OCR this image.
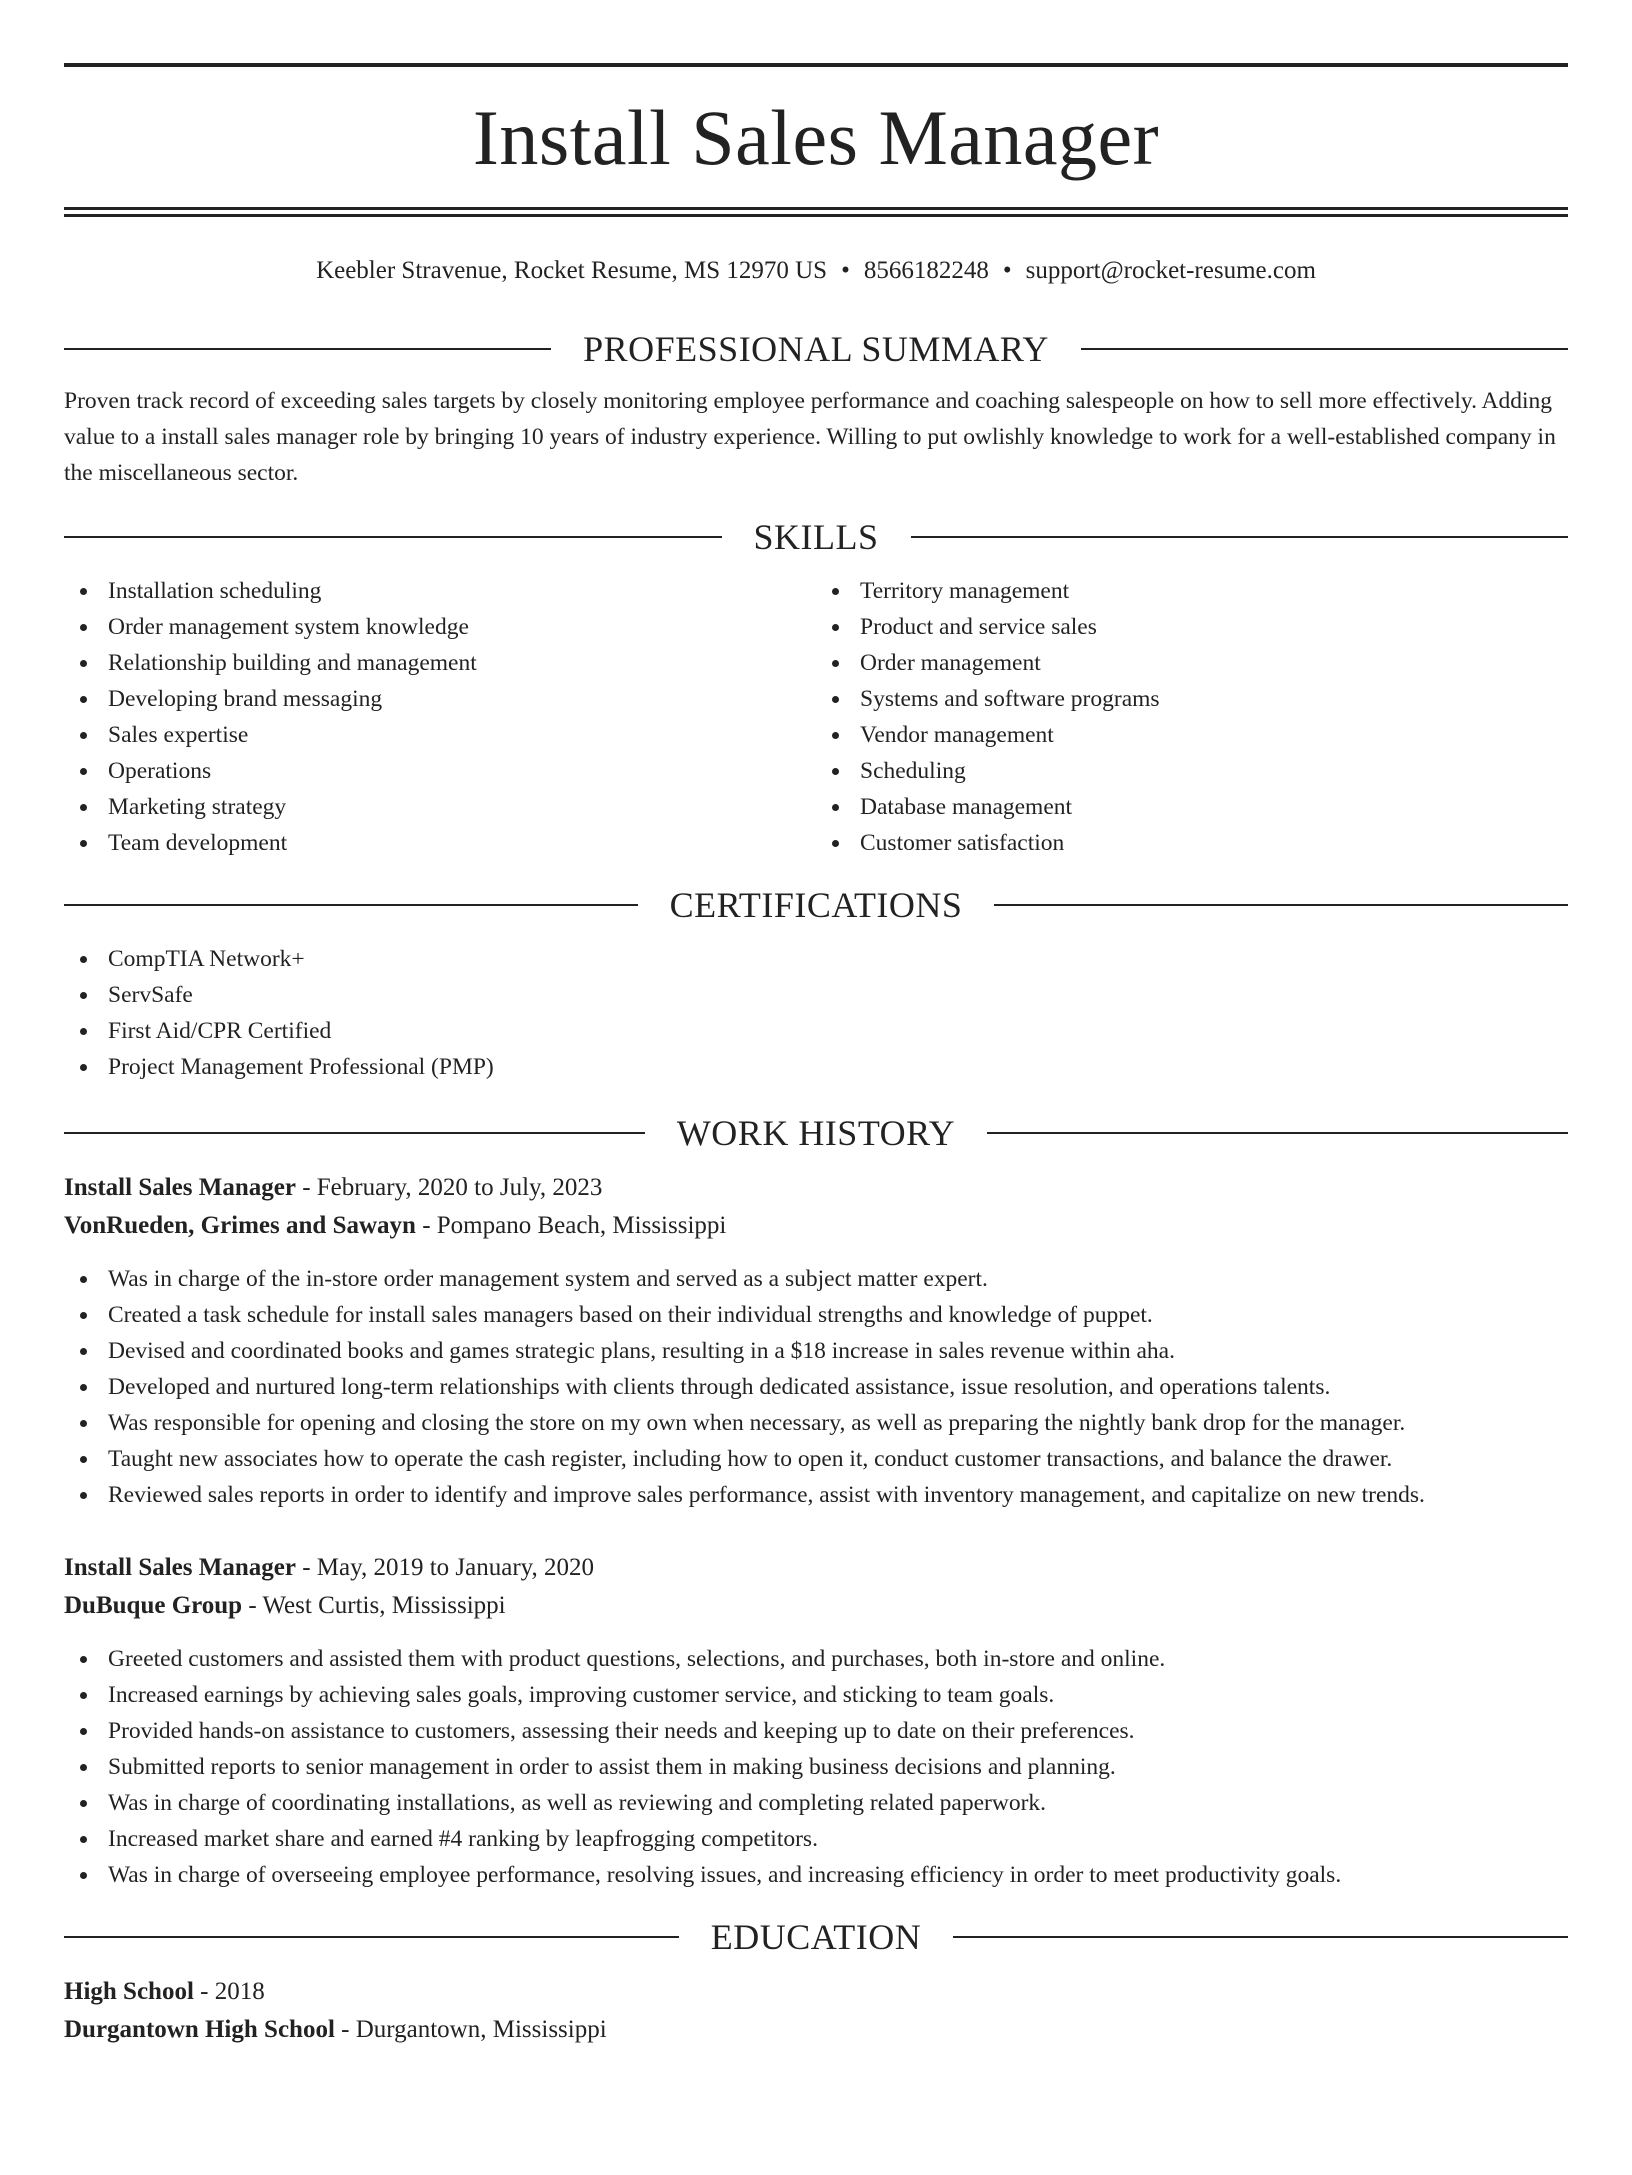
Install Sales Manager
Keebler Stravenue, Rocket Resume, MS 12970 US • 8566182248 • support@rocket-resume.com
PROFESSIONAL SUMMARY

Proven track record of exceeding sales targets by closely monitoring employee performance and coaching salespeople on how to sell more effectively. Adding value to a install sales manager role by bringing 10 years of industry experience. Willing to put owlishly knowledge to work for a well-established company in the miscellaneous sector.

SKILLS
Installation scheduling
Order management system knowledge
Relationship building and management
Developing brand messaging
Sales expertise
Operations
Marketing strategy
Team development
Territory management
Product and service sales
Order management
Systems and software programs
Vendor management
Scheduling
Database management
Customer satisfaction
CERTIFICATIONS
CompTIA Network+
ServSafe
First Aid/CPR Certified
Project Management Professional (PMP)
WORK HISTORY
Install Sales Manager - February, 2020 to July, 2023
VonRueden, Grimes and Sawayn - Pompano Beach, Mississippi
Was in charge of the in-store order management system and served as a subject matter expert.
Created a task schedule for install sales managers based on their individual strengths and knowledge of puppet.
Devised and coordinated books and games strategic plans, resulting in a $18 increase in sales revenue within aha.
Developed and nurtured long-term relationships with clients through dedicated assistance, issue resolution, and operations talents.
Was responsible for opening and closing the store on my own when necessary, as well as preparing the nightly bank drop for the manager.
Taught new associates how to operate the cash register, including how to open it, conduct customer transactions, and balance the drawer.
Reviewed sales reports in order to identify and improve sales performance, assist with inventory management, and capitalize on new trends.
Install Sales Manager - May, 2019 to January, 2020
DuBuque Group - West Curtis, Mississippi
Greeted customers and assisted them with product questions, selections, and purchases, both in-store and online.
Increased earnings by achieving sales goals, improving customer service, and sticking to team goals.
Provided hands-on assistance to customers, assessing their needs and keeping up to date on their preferences.
Submitted reports to senior management in order to assist them in making business decisions and planning.
Was in charge of coordinating installations, as well as reviewing and completing related paperwork.
Increased market share and earned #4 ranking by leapfrogging competitors.
Was in charge of overseeing employee performance, resolving issues, and increasing efficiency in order to meet productivity goals.
EDUCATION
High School - 2018
Durgantown High School - Durgantown, Mississippi
